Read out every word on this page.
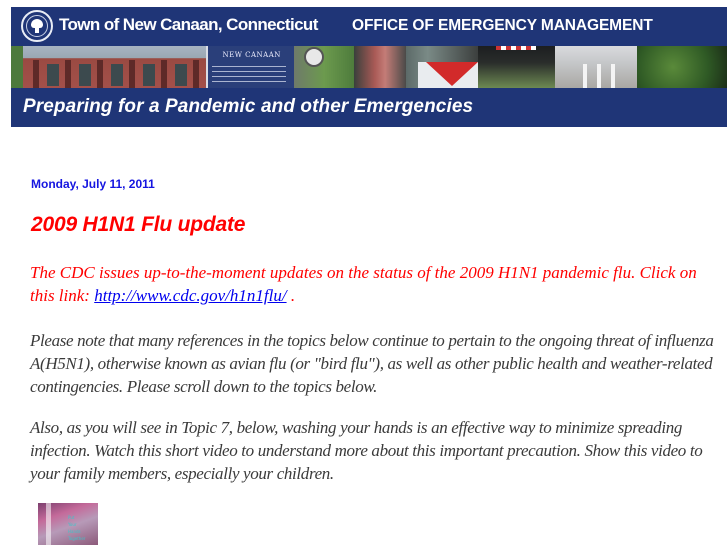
Town of New Canaan, Connecticut OFFICE OF EMERGENCY MANAGEMENT
NEW CANAAN
Preparing for a Pandemic and other Emergencies
Monday, July 11, 2011
2009 H1N1 Flu update

The CDC issues up-to-the-moment updates on the status of the 2009 H1N1 pandemic flu. Click on this link: http://www.cdc.gov/h1n1flu/ .

Please note that many references in the topics below continue to pertain to the ongoing threat of influenza A(H5N1), otherwise known as avian flu (or "bird flu"), as well as other public health and weather-related contingencies. Please scroll down to the topics below.

Also, as you will see in Topic 7, below, washing your hands is an effective way to minimize spreading infection. Watch this short video to understand more about this important precaution. Show this video to your family members, especially your children.

Put
Your
Hands
Together
